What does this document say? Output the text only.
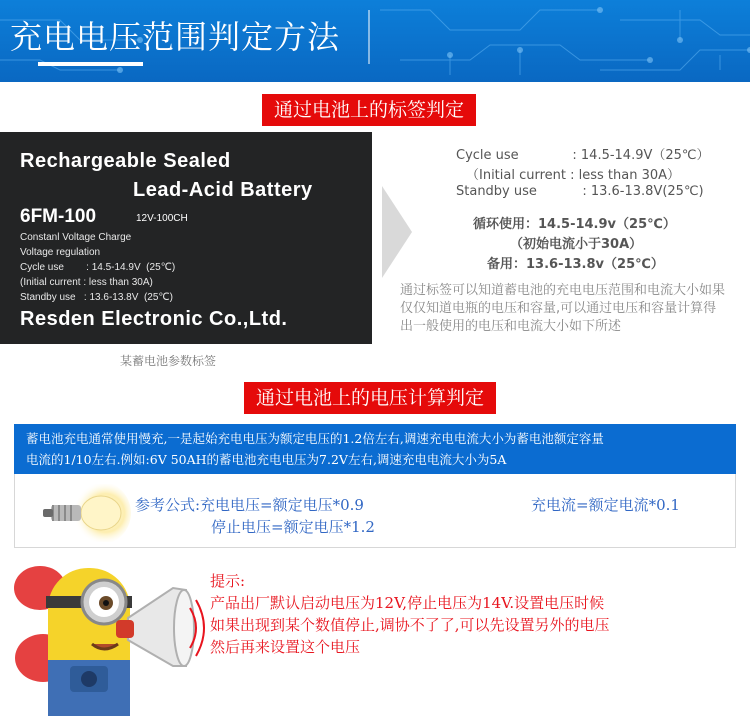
充电电压范围判定方法
通过电池上的标签判定
Rechargeable Sealed
Lead-Acid Battery
6FM-100	12V-100CH
Constanl Voltage Charge
Voltage regulation
Cycle use        : 14.5-14.9V  (25℃)
(Initial current : less than 30A)
Standby use   : 13.6-13.8V  (25℃)
Resden Electronic Co.,Ltd.
某蓄电池参数标签
Cycle use             : 14.5-14.9V（25℃）
（Initial current : less than 30A）
Standby use           : 13.6-13.8V(25℃)
循环使用：14.5-14.9v（25℃）
（初始电流小于30A）
备用：13.6-13.8v（25℃）
通过标签可以知道蓄电池的充电电压范围和电流大小如果仅仅知道电瓶的电压和容量,可以通过电压和容量计算得出一般使用的电压和电流大小如下所述
通过电池上的电压计算判定
蓄电池充电通常使用慢充,一是起始充电电压为额定电压的1.2倍左右,调速充电电流大小为蓄电池额定容量
电流的1/10左右.例如:6V 50AH的蓄电池充电电压为7.2V左右,调速充电电流大小为5A
参考公式:充电电压=额定电压*0.9
停止电压=额定电压*1.2
充电流=额定电流*0.1
提示:
产品出厂默认启动电压为12V,停止电压为14V.设置电压时候
如果出现到某个数值停止,调协不了了,可以先设置另外的电压
然后再来设置这个电压
